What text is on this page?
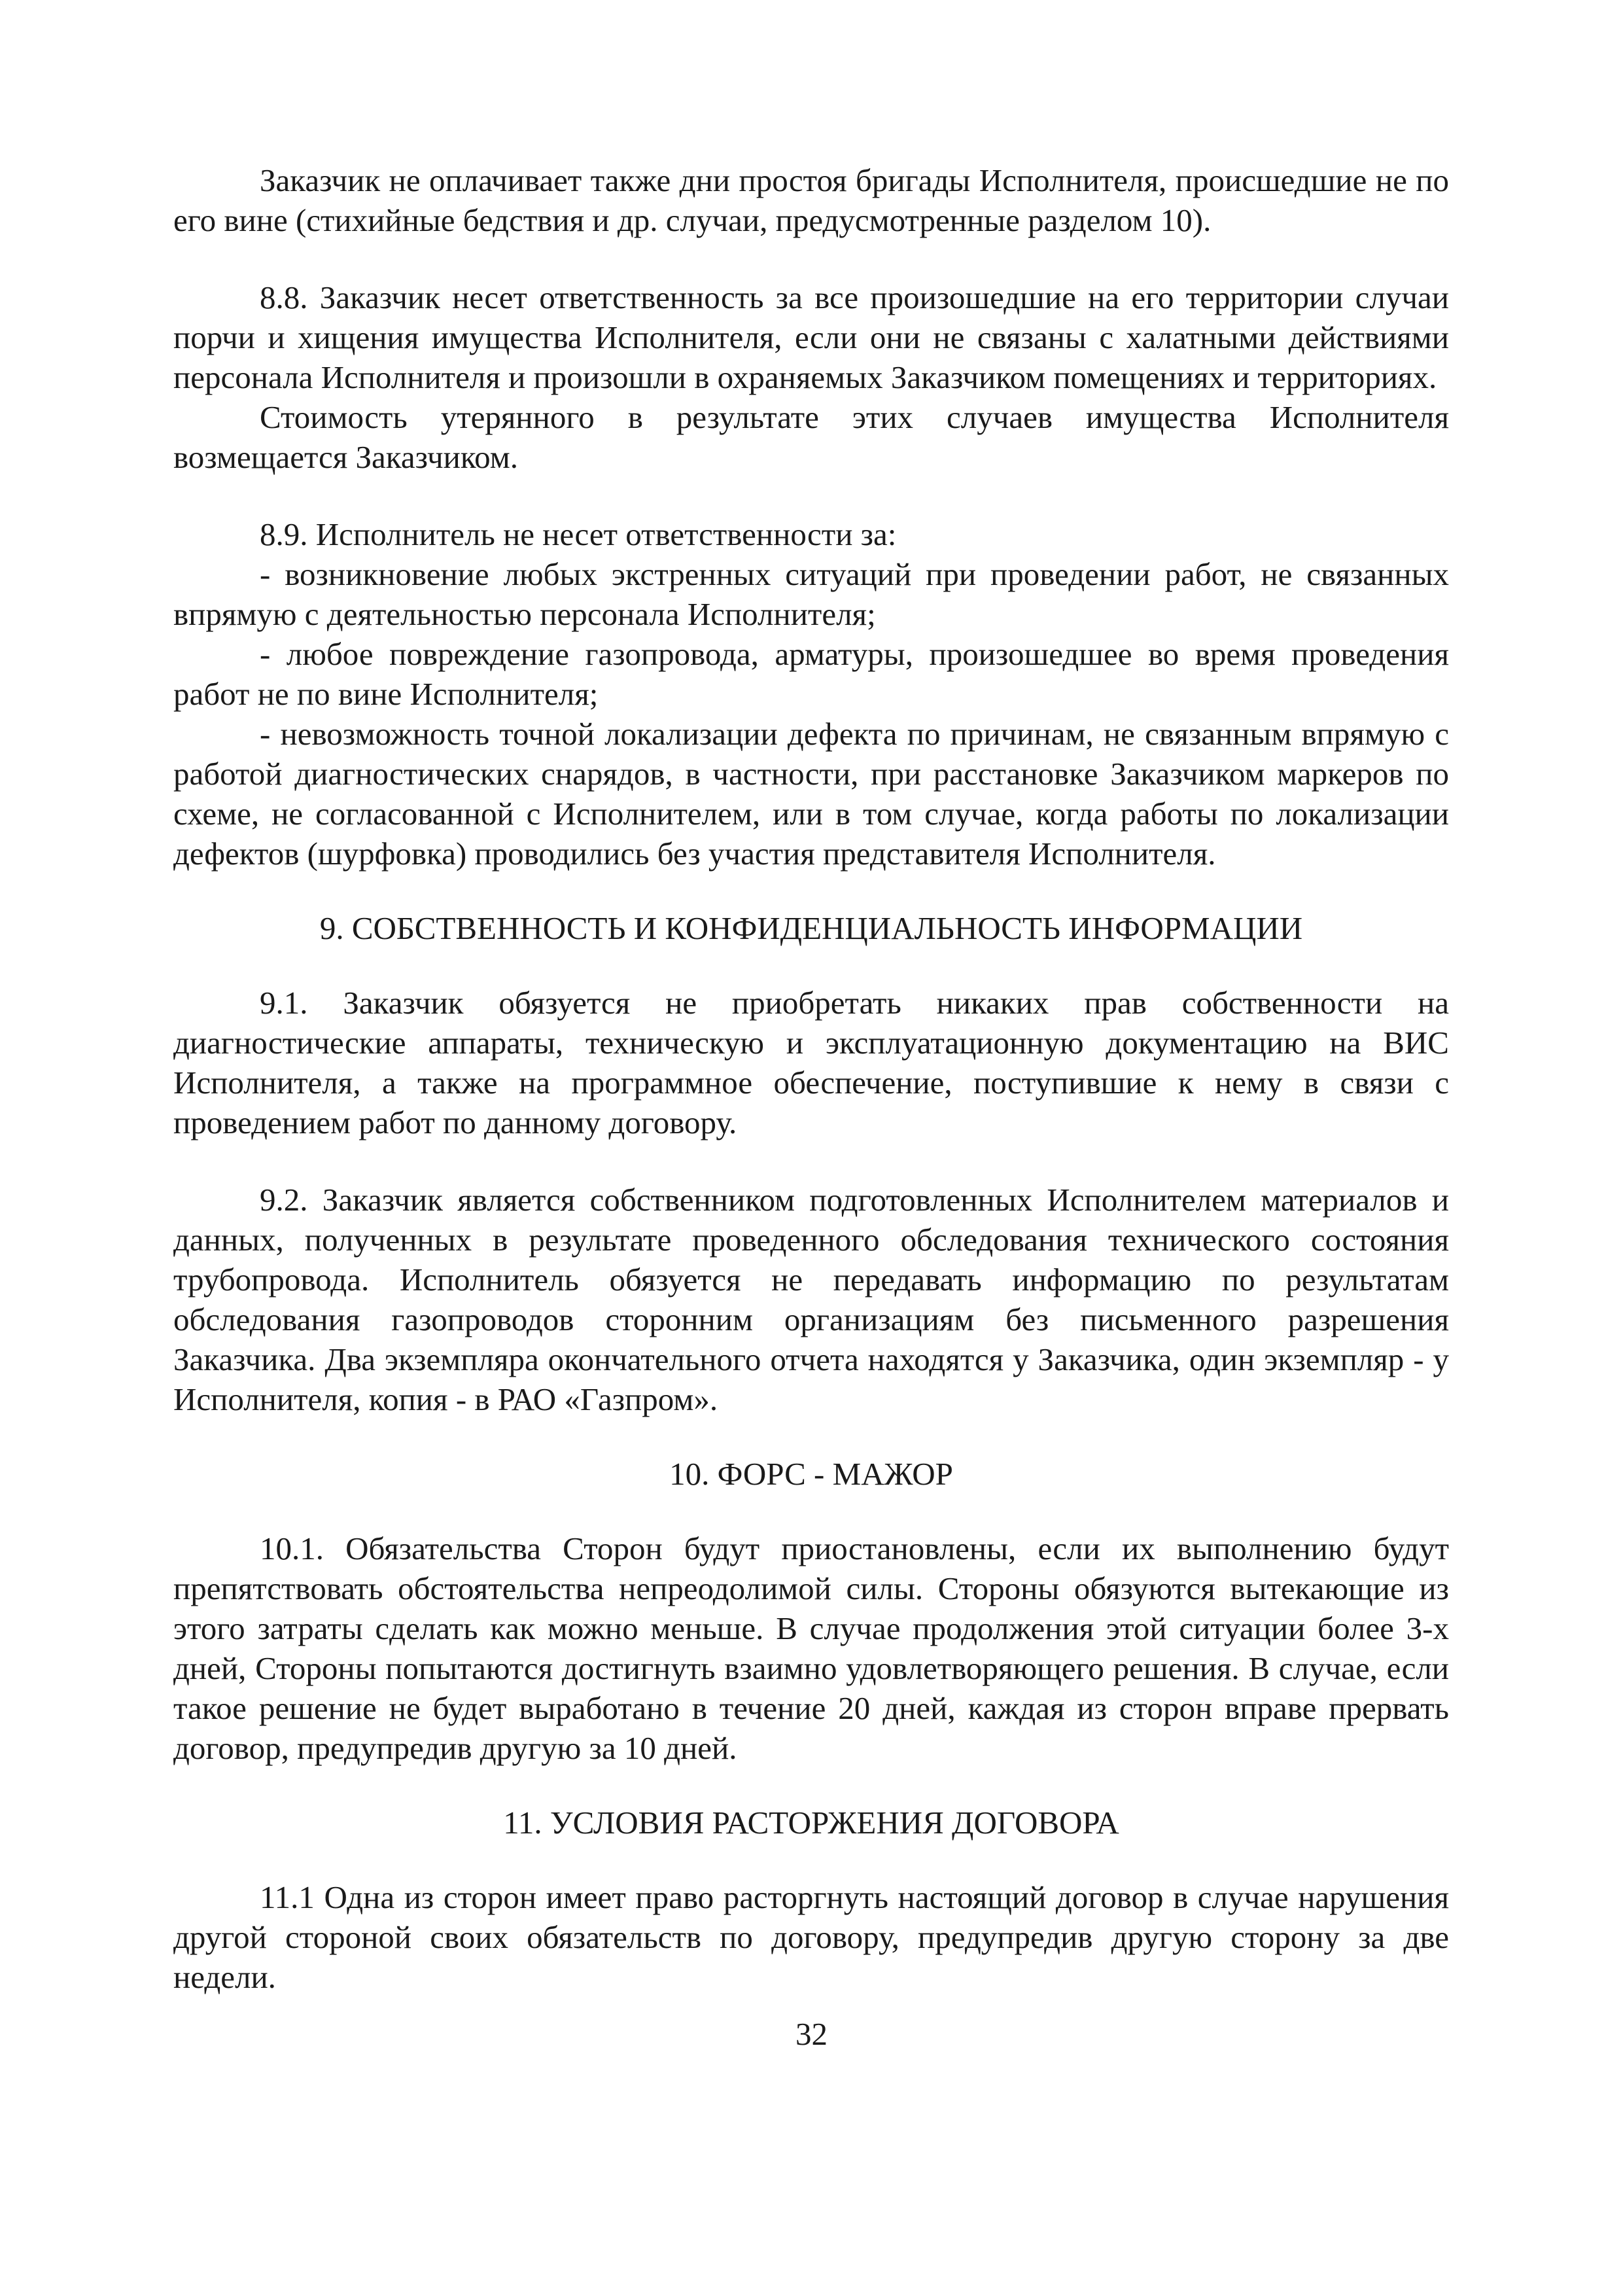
Заказчик не оплачивает также дни простоя бригады Исполнителя, происшедшие не по его вине (стихийные бедствия и др. случаи, предусмотренные разделом 10).

8.8. Заказчик несет ответственность за все произошедшие на его территории случаи порчи и хищения имущества Исполнителя, если они не связаны с халатными действиями персонала Исполнителя и произошли в охраняемых Заказчиком помещениях и территориях.

Стоимость утерянного в результате этих случаев имущества Исполнителя возмещается Заказчиком.

8.9. Исполнитель не несет ответственности за:

- возникновение любых экстренных ситуаций при проведении работ, не связанных впрямую с деятельностью персонала Исполнителя;

- любое повреждение газопровода, арматуры, произошедшее во время проведения работ не по вине Исполнителя;

- невозможность точной локализации дефекта по причинам, не связанным впрямую с работой диагностических снарядов, в частности, при расстановке Заказчиком маркеров по схеме, не согласованной с Исполнителем, или в том случае, когда работы по локализации дефектов (шурфовка) проводились без участия представителя Исполнителя.

9. СОБСТВЕННОСТЬ И КОНФИДЕНЦИАЛЬНОСТЬ ИНФОРМАЦИИ

9.1. Заказчик обязуется не приобретать никаких прав собственности на диагностические аппараты, техническую и эксплуатационную документацию на ВИС Исполнителя, а также на программное обеспечение, поступившие к нему в связи с проведением работ по данному договору.

9.2. Заказчик является собственником подготовленных Исполнителем материалов и данных, полученных в результате проведенного обследования технического состояния трубопровода. Исполнитель обязуется не передавать информацию по результатам обследования газопроводов сторонним организациям без письменного разрешения Заказчика. Два экземпляра окончательного отчета находятся у Заказчика, один экземпляр - у Исполнителя, копия - в РАО «Газпром».

10. ФОРС - МАЖОР

10.1. Обязательства Сторон будут приостановлены, если их выполнению будут препятствовать обстоятельства непреодолимой силы. Стороны обязуются вытекающие из этого затраты сделать как можно меньше. В случае продолжения этой ситуации более 3-х дней, Стороны попытаются достигнуть взаимно удовлетворяющего решения. В случае, если такое решение не будет выработано в течение 20 дней, каждая из сторон вправе прервать договор, предупредив другую за 10 дней.

11. УСЛОВИЯ РАСТОРЖЕНИЯ ДОГОВОРА

11.1 Одна из сторон имеет право расторгнуть настоящий договор в случае нарушения другой стороной своих обязательств по договору, предупредив другую сторону за две недели.

32
